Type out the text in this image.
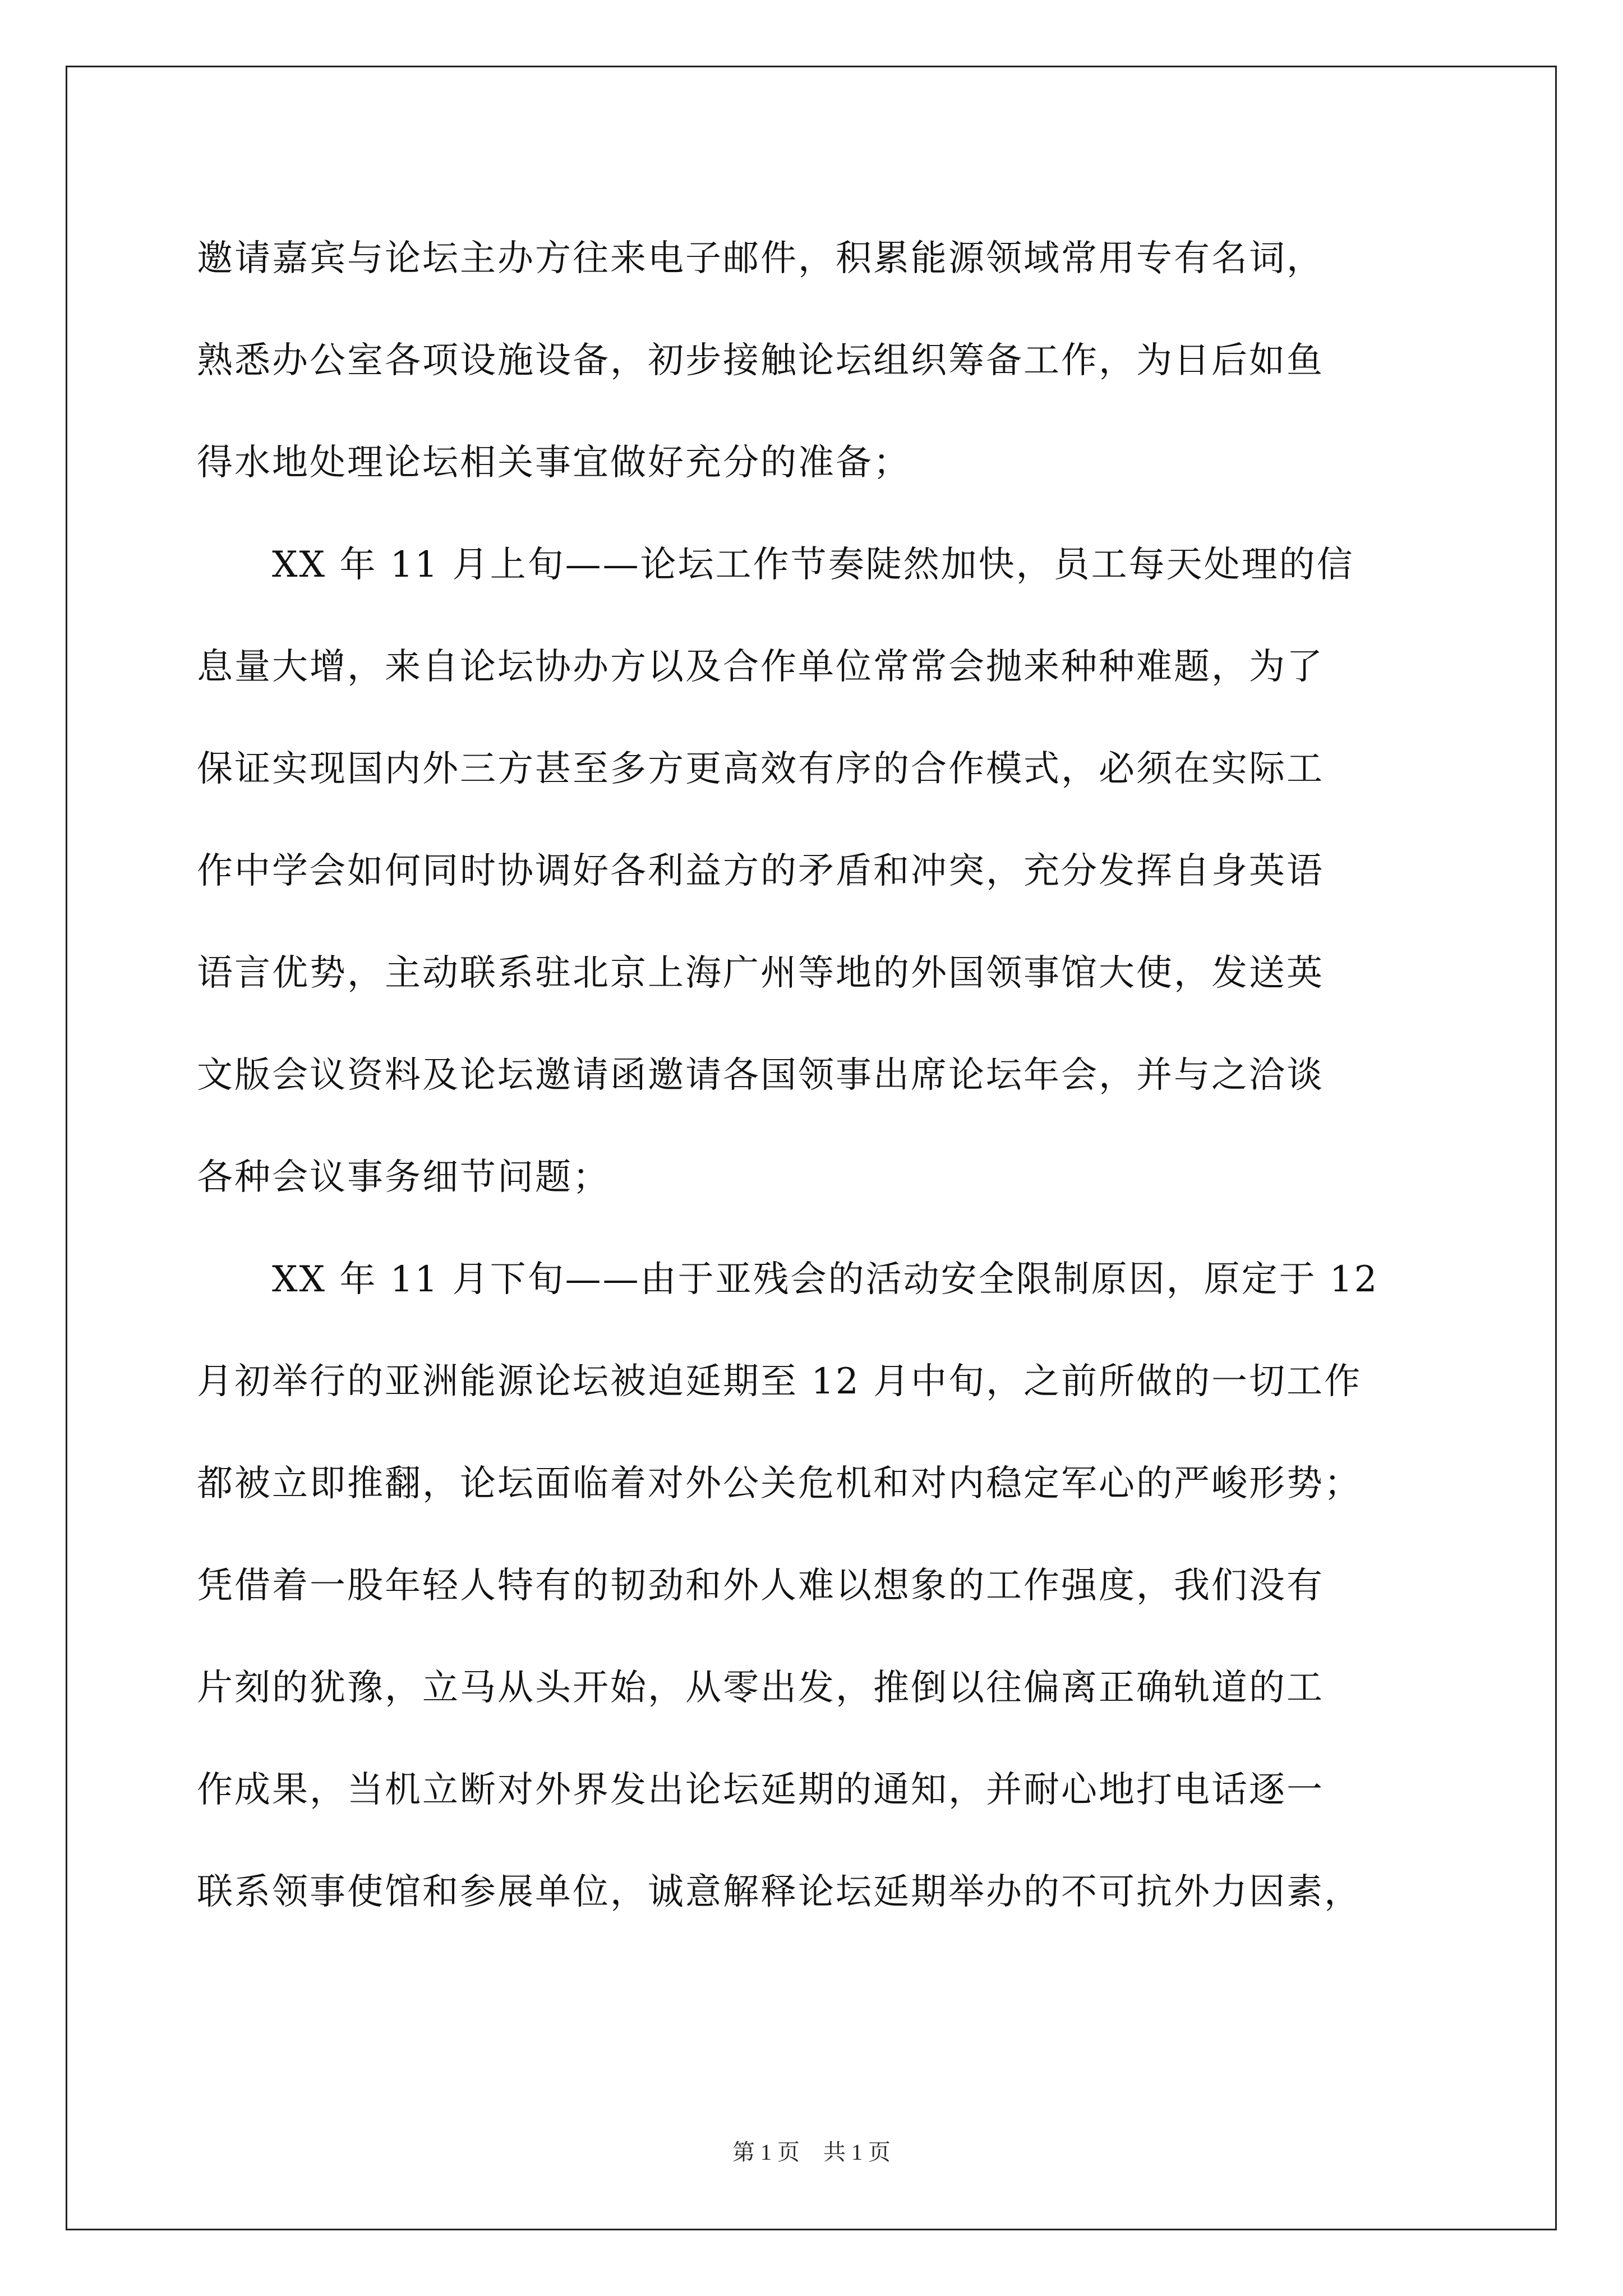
邀请嘉宾与论坛主办方往来电子邮件，积累能源领域常用专有名词，
熟悉办公室各项设施设备，初步接触论坛组织筹备工作，为日后如鱼
得水地处理论坛相关事宜做好充分的准备；
　　XX 年 11 月上旬——论坛工作节奏陡然加快，员工每天处理的信
息量大增，来自论坛协办方以及合作单位常常会抛来种种难题，为了
保证实现国内外三方甚至多方更高效有序的合作模式，必须在实际工
作中学会如何同时协调好各利益方的矛盾和冲突，充分发挥自身英语
语言优势，主动联系驻北京上海广州等地的外国领事馆大使，发送英
文版会议资料及论坛邀请函邀请各国领事出席论坛年会，并与之洽谈
各种会议事务细节问题；
　　XX 年 11 月下旬——由于亚残会的活动安全限制原因，原定于 12
月初举行的亚洲能源论坛被迫延期至 12 月中旬，之前所做的一切工作
都被立即推翻，论坛面临着对外公关危机和对内稳定军心的严峻形势；
凭借着一股年轻人特有的韧劲和外人难以想象的工作强度，我们没有
片刻的犹豫，立马从头开始，从零出发，推倒以往偏离正确轨道的工
作成果，当机立断对外界发出论坛延期的通知，并耐心地打电话逐一
联系领事使馆和参展单位，诚意解释论坛延期举办的不可抗外力因素，
第 1 页 共 1 页
